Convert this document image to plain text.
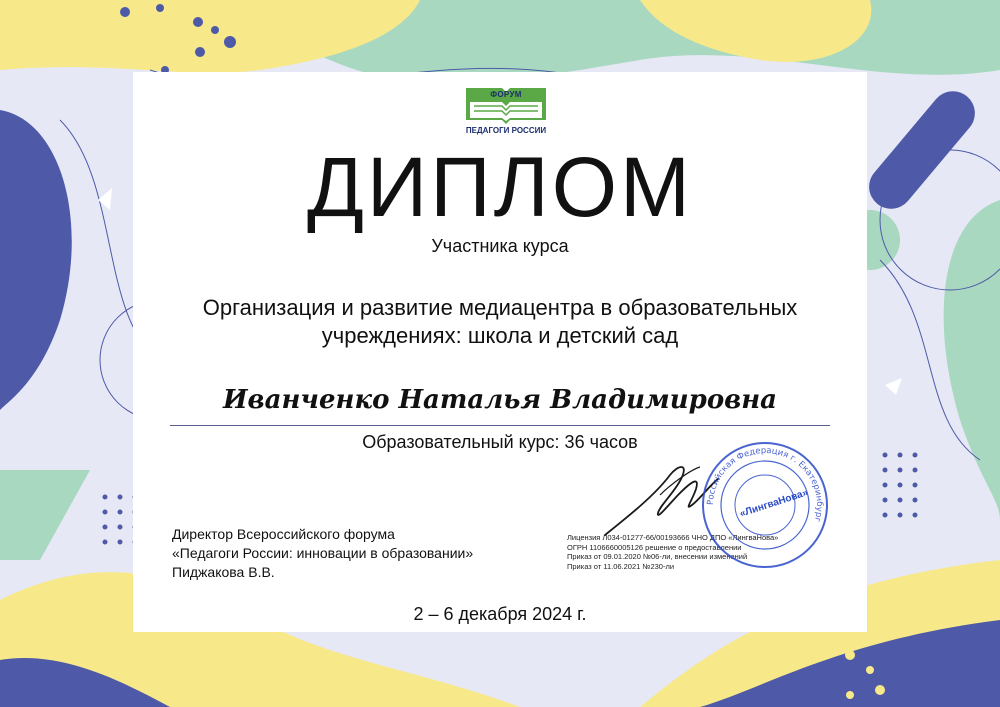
ФОРУМ
ПЕДАГОГИ РОССИИ
ДИПЛОМ
Участника курса
Организация и развитие медиацентра в образовательных учреждениях: школа и детский сад
Иванченко Наталья Владимировна
Образовательный курс: 36 часов
Директор Всероссийского форума
«Педагоги России: инновации в образовании»
Пиджакова В.В.
Лицензия Л034-01277-66/00193666 ЧНО ДПО «ЛингваНова»
ОГРН 1106660005126 решение о предоставлении
Приказ от 09.01.2020 №06-ли, внесении изменений
Приказ от 11.06.2021 №230-ли
Российская Федерация г. Екатеринбург
«ЛингваНова»
2 – 6 декабря 2024 г.
